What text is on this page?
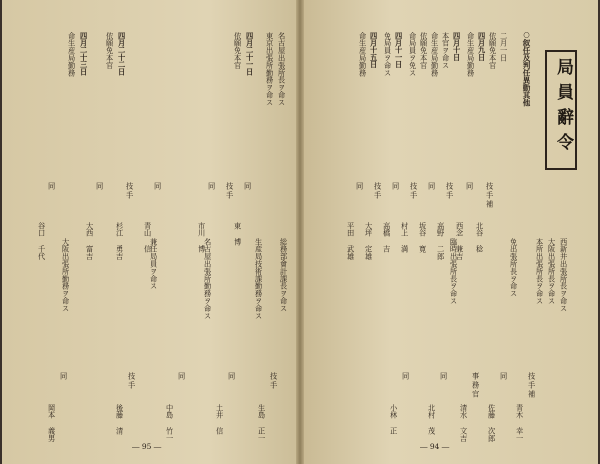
局員辭令
○叙任及判任異動其他
二月一日
依願免本官
四月九日
命生産局勤務
四月十日
本官ヲ命ス
命生産局勤務
依願免本官
命局員ヲ免ス
四月十一日
免局員ヲ命ス
四月十五日
命生産局勤務
技手補
同
技手
同
技手
同
技手
同
北谷 稔
西念 兼吉
高野 二郎
坂谷 寛
村上 満
高橋 吉
大坪 定雄
平田 武雄
名古屋出張所長ヲ命ス
東京出張所勤務ヲ命ス
四月二十一日
依願免本官
四月二十二日
依願免本官
四月二十三日
命生産局勤務
同
技手
同
同
技手
同
同
東 博
市川 博
青山 信
杉江 勇吉
大西 富吉
谷口 千代	西新井出張所長ヲ命ス
大阪出張所長ヲ命ス
本所出張所長ヲ命ス
免出張所長ヲ命ス
臨時出張所長ヲ命ス
総務部會計課長ヲ命ス
生産局技術課勤務ヲ命ス
名古屋出張所勤務ヲ命ス
兼任局員ヲ命ス
大阪出張所勤務ヲ命ス
技手補
同
事務官
同
同
技手
同
同
技手
同
青木 幸一
佐藤 次郎
清水 文吉
北村 茂
小林 正
生島 正一
土井 信
中島 竹一
後藤 清
岡本 義男
― 95 ―	― 94 ―
